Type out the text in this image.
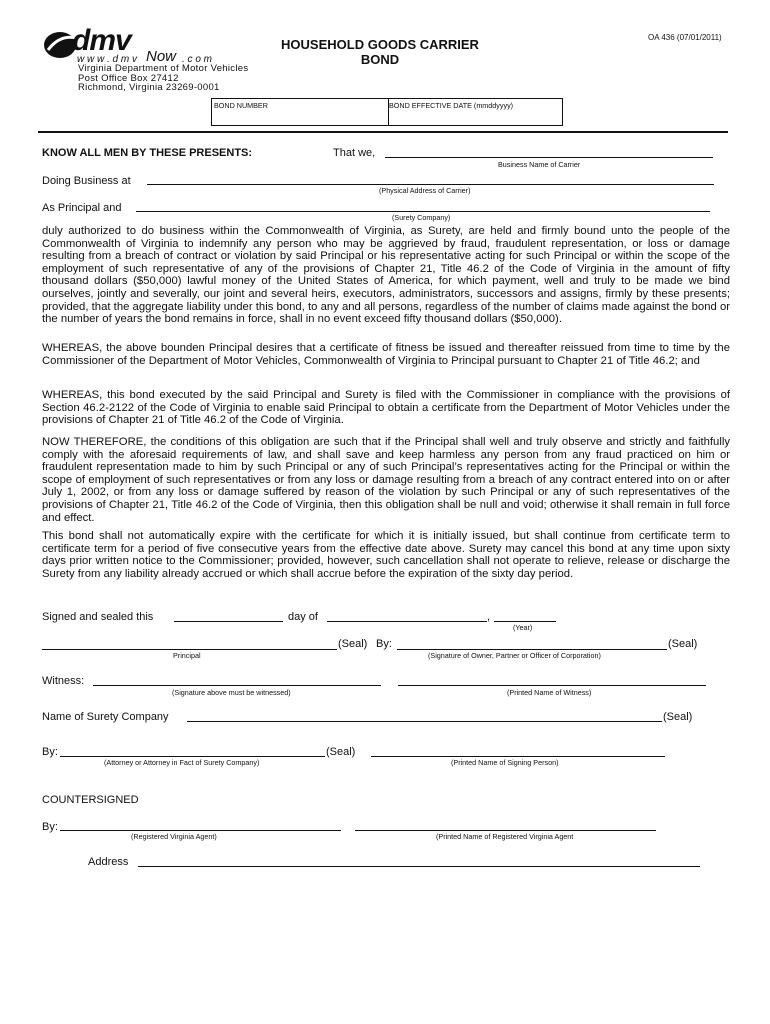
dmv
w w w . d m v Now . c o m
Virginia Department of Motor Vehicles
Post Office Box 27412
Richmond, Virginia 23269-0001
HOUSEHOLD GOODS CARRIER
BOND
OA 436 (07/01/2011)
BOND NUMBER	BOND EFFECTIVE DATE (mmddyyyy)
KNOW ALL MEN BY THESE PRESENTS:	That we,
Business Name of Carrier
Doing Business at
(Physical Address of Carrier)
As Principal and
(Surety Company)
duly authorized to do business within the Commonwealth of Virginia, as Surety, are held and firmly bound unto the people of the Commonwealth of Virginia to indemnify any person who may be aggrieved by fraud, fraudulent representation, or loss or damage resulting from a breach of contract or violation by said Principal or his representative acting for such Principal or within the scope of the employment of such representative of any of the provisions of Chapter 21, Title 46.2 of the Code of Virginia in the amount of fifty thousand dollars ($50,000) lawful money of the United States of America, for which payment, well and truly to be made we bind ourselves, jointly and severally, our joint and several heirs, executors, administrators, successors and assigns, firmly by these presents; provided, that the aggregate liability under this bond, to any and all persons, regardless of the number of claims made against the bond or the number of years the bond remains in force, shall in no event exceed fifty thousand dollars ($50,000).
WHEREAS, the above bounden Principal desires that a certificate of fitness be issued and thereafter reissued from time to time by the Commissioner of the Department of Motor Vehicles, Commonwealth of Virginia to Principal pursuant to Chapter 21 of Title 46.2; and
WHEREAS, this bond executed by the said Principal and Surety is filed with the Commissioner in compliance with the provisions of Section 46.2-2122 of the Code of Virginia to enable said Principal to obtain a certificate from the Department of Motor Vehicles under the provisions of Chapter 21 of Title 46.2 of the Code of Virginia.
NOW THEREFORE, the conditions of this obligation are such that if the Principal shall well and truly observe and strictly and faithfully comply with the aforesaid requirements of law, and shall save and keep harmless any person from any fraud practiced on him or fraudulent representation made to him by such Principal or any of such Principal’s representatives acting for the Principal or within the scope of employment of such representatives or from any loss or damage resulting from a breach of any contract entered into on or after July 1, 2002, or from any loss or damage suffered by reason of the violation by such Principal or any of such representatives of the provisions of Chapter 21, Title 46.2 of the Code of Virginia, then this obligation shall be null and void; otherwise it shall remain in full force and effect.
This bond shall not automatically expire with the certificate for which it is initially issued, but shall continue from certificate term to certificate term for a period of five consecutive years from the effective date above. Surety may cancel this bond at any time upon sixty days prior written notice to the Commissioner; provided, however, such cancellation shall not operate to relieve, release or discharge the Surety from any liability already accrued or which shall accrue before the expiration of the sixty day period.
Signed and sealed this	day of	,
(Year)
(Seal) By:	(Seal)
Principal	(Signature of Owner, Partner or Officer of Corporation)
Witness:
(Signature above must be witnessed)	(Printed Name of Witness)
Name of Surety Company	(Seal)
By:	(Seal)
(Attorney or Attorney in Fact of Surety Company)	(Printed Name of Signing Person)
COUNTERSIGNED
By:
(Registered Virginia Agent)	(Printed Name of Registered Virginia Agent
Address
